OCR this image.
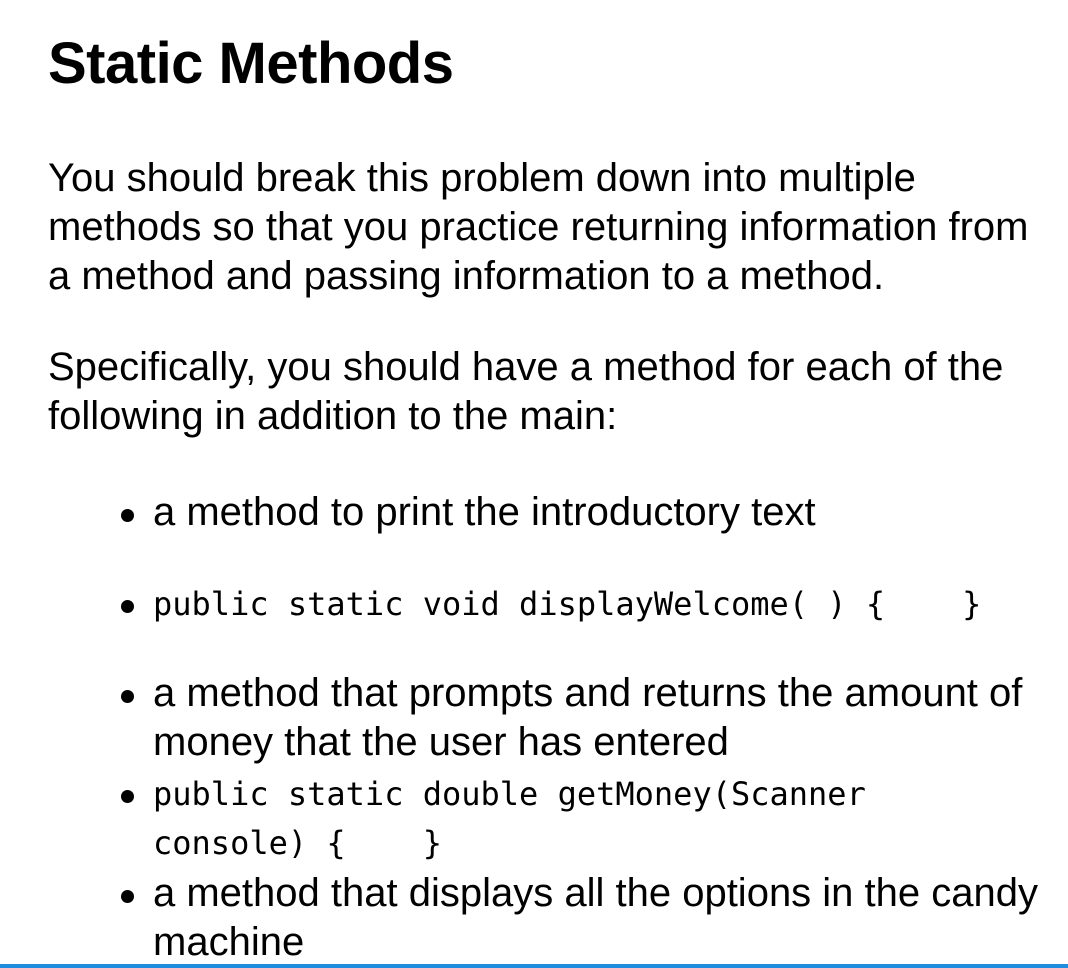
Static Methods

You should break this problem down into multiple methods so that you practice returning information from a method and passing information to a method.

Specifically, you should have a method for each of the following in addition to the main:

a method to print the introductory text
public static void displayWelcome( ) {    }
a method that prompts and returns the amount of money that the user has entered
public static double getMoney(Scanner console) {    }
a method that displays all the options in the candy machine
